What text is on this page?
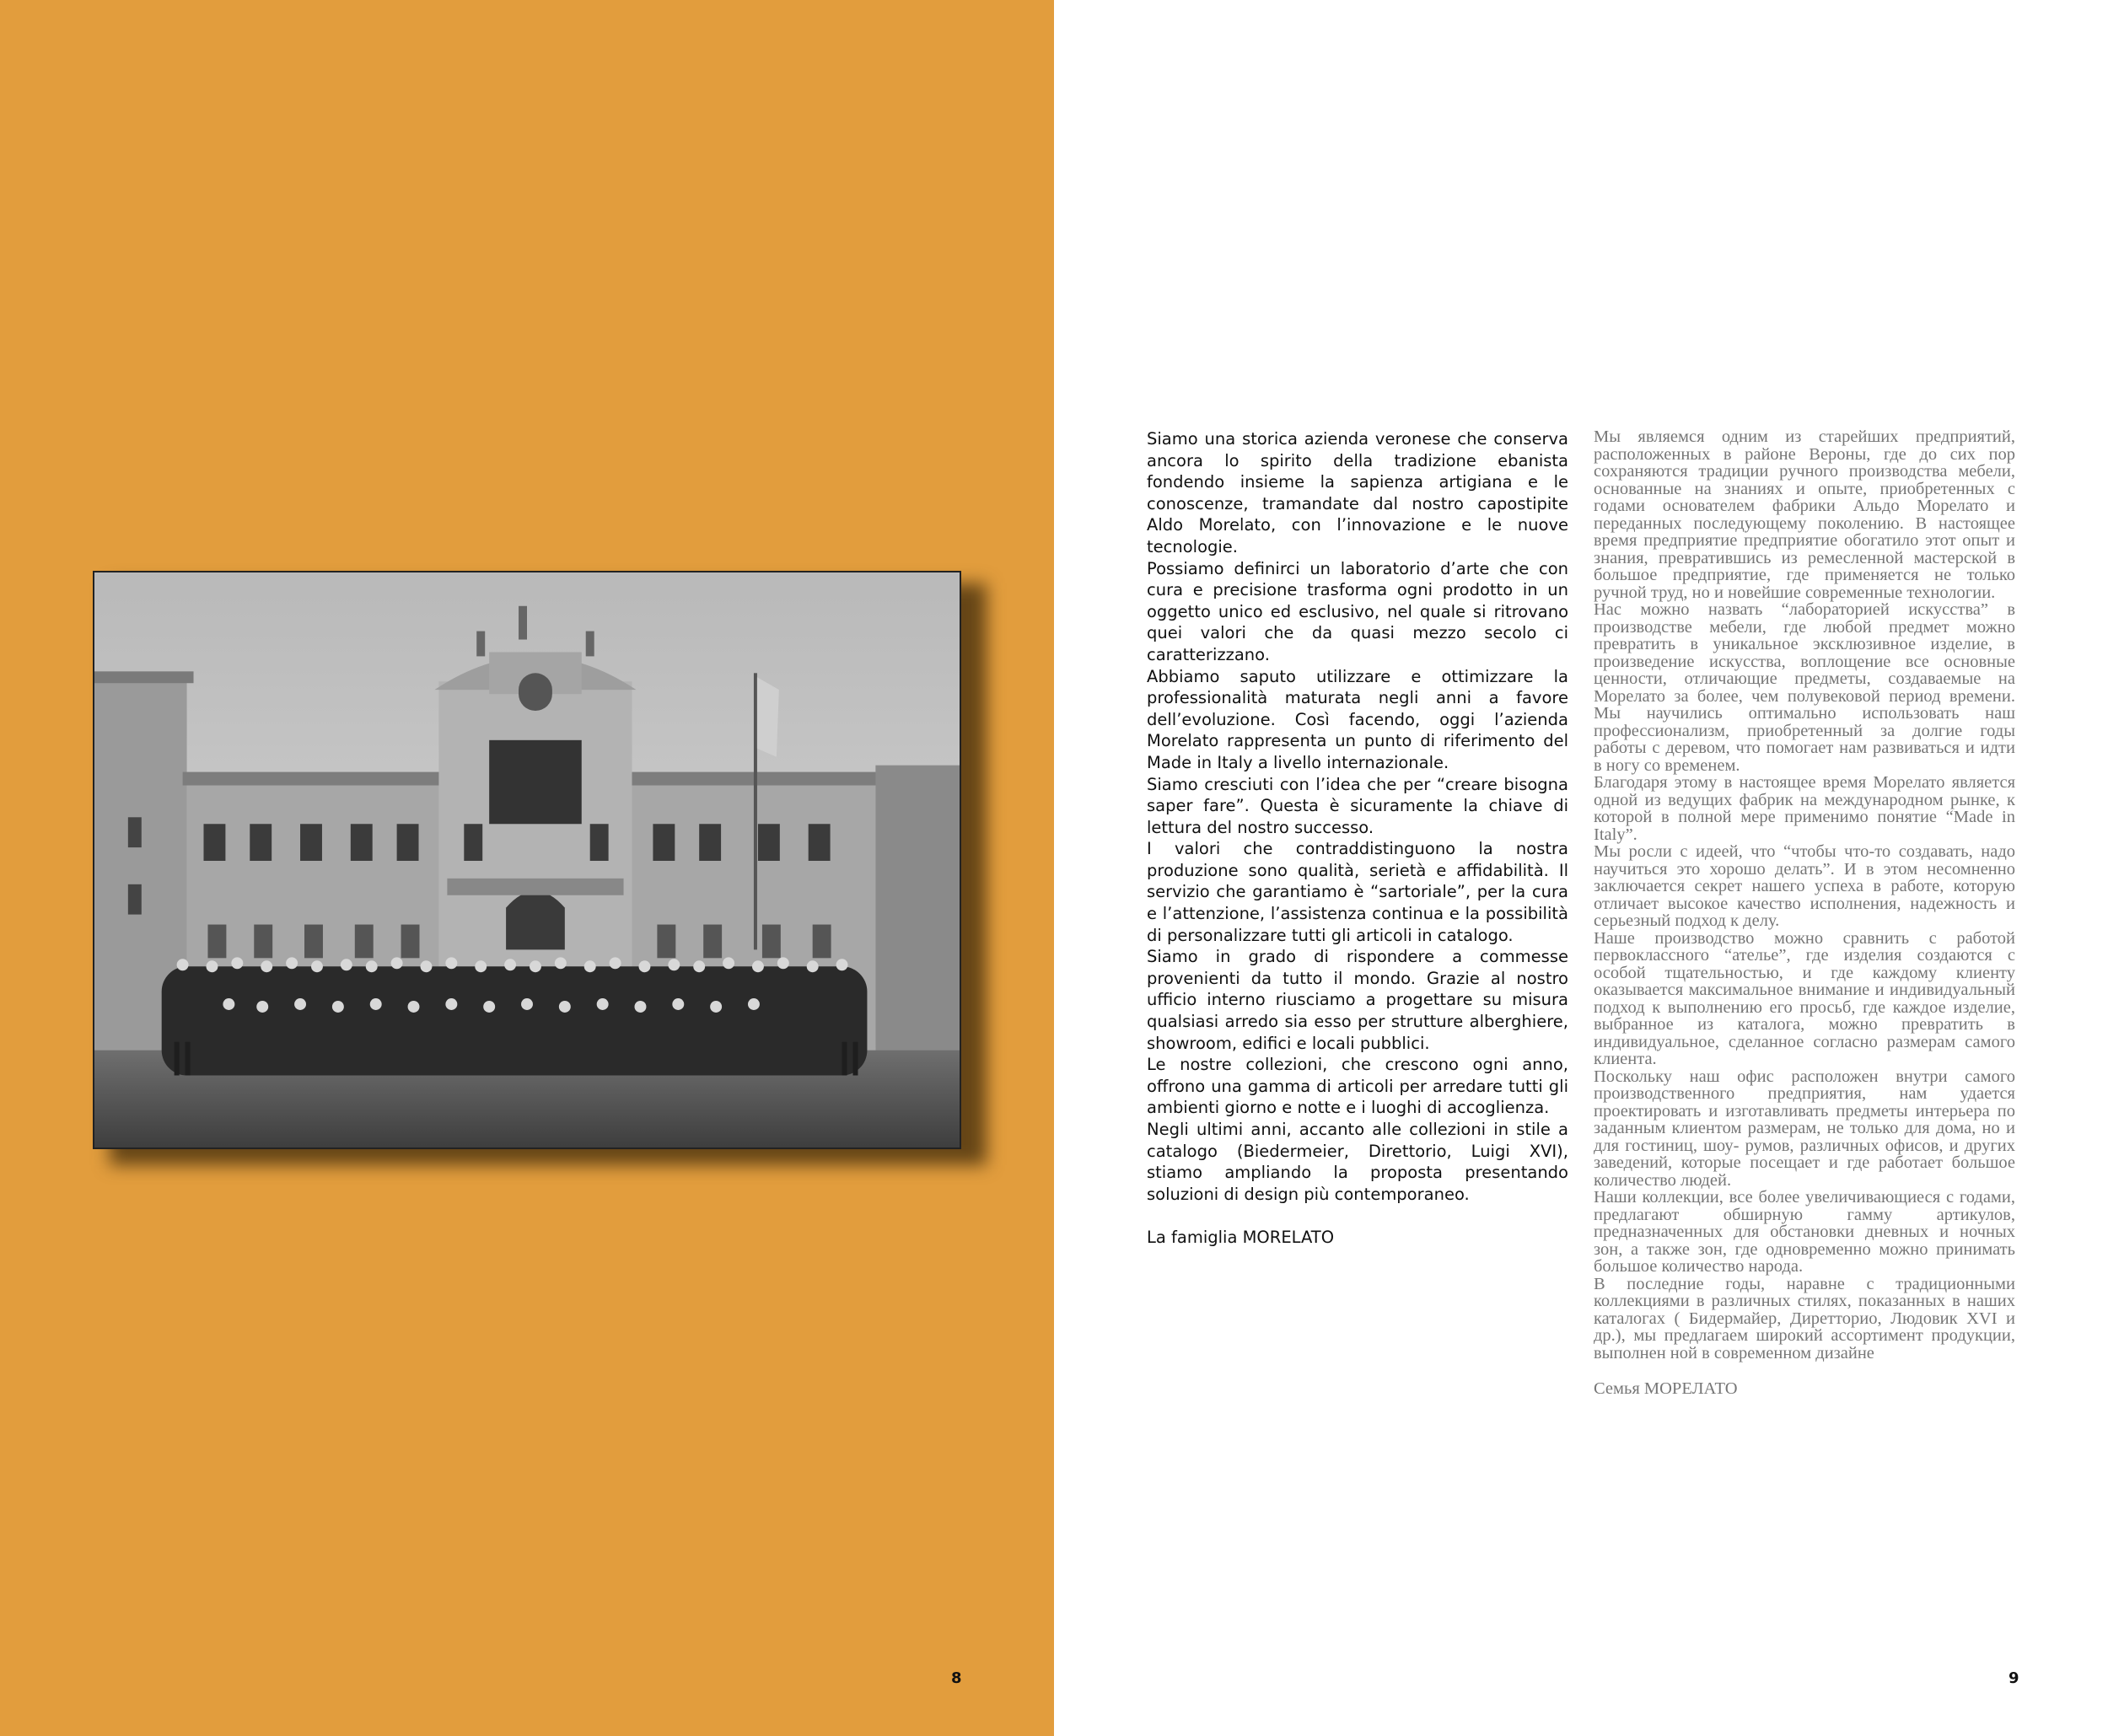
8	9

Siamo una storica azienda veronese che conserva ancora lo spirito della tradizione ebanista fondendo insieme la sapienza artigiana e le conoscenze, tramandate dal nostro capostipite Aldo Morelato, con l’innovazione e le nuove tecnologie.

Possiamo definirci un laboratorio d’arte che con cura e precisione trasforma ogni prodotto in un oggetto unico ed esclusivo, nel quale si ritrovano quei valori che da quasi mezzo secolo ci caratterizzano.

Abbiamo saputo utilizzare e ottimizzare la professionalità maturata negli anni a favore dell’evoluzione. Così facendo, oggi l’azienda Morelato rappresenta un punto di riferimento del Made in Italy a livello internazionale.

Siamo cresciuti con l’idea che per “creare bisogna saper fare”. Questa è sicuramente la chiave di lettura del nostro successo.

I valori che contraddistinguono la nostra produzione sono qualità, serietà e affidabilità. Il servizio che garantiamo è “sartoriale”, per la cura e l’attenzione, l’assistenza continua e la possibilità di personalizzare tutti gli articoli in catalogo.

Siamo in grado di rispondere a commesse provenienti da tutto il mondo. Grazie al nostro ufficio interno riusciamo a progettare su misura qualsiasi arredo sia esso per strutture alberghiere, showroom, edifici e locali pubblici.

Le nostre collezioni, che crescono ogni anno, offrono una gamma di articoli per arredare tutti gli ambienti giorno e notte e i luoghi di accoglienza.

Negli ultimi anni, accanto alle collezioni in stile a catalogo (Biedermeier, Direttorio, Luigi XVI), stiamo ampliando la proposta presentando soluzioni di design più contemporaneo.

La famiglia MORELATO

Мы являемся одним из старейших предприятий, расположенных в районе Вероны, где до сих пор сохраняются традиции ручного производства мебели, основанные на знаниях и опыте, приобретенных с годами основателем фабрики Альдо Морелато и переданных последующему поколению. В настоящее время предприятие предприятие обогатило этот опыт и знания, превратившись из ремесленной мастерской в большое предприятие, где применяется не только ручной труд, но и новейшие современные технологии.

Нас можно назвать “лабораторией искусства” в производстве мебели, где любой предмет можно превратить в уникальное эксклюзивное изделие, в произведение искусства, воплощение все основные ценности, отличающие предметы, создаваемые на Морелато за более, чем полувековой период времени. Мы научились оптимально использовать наш профессионализм, приобретенный за долгие годы работы с деревом, что помогает нам развиваться и идти в ногу со временем.

Благодаря этому в настоящее время Морелато является одной из ведущих фабрик на международном рынке, к которой в полной мере применимо понятие “Made in Italy”.

Мы росли с идеей, что “чтобы что-то создавать, надо научиться это хорошо делать”. И в этом несомненно заключается секрет нашего успеха в работе, которую отличает высокое качество исполнения, надежность и серьезный подход к делу.

Наше производство можно сравнить с работой первоклассного “ателье”, где изделия создаются с особой тщательностью, и где каждому клиенту оказывается максимальное внимание и индивидуальный подход к выполнению его просьб, где каждое изделие, выбранное из каталога, можно превратить в индивидуальное, сделанное согласно размерам самого клиента.

Поскольку наш офис расположен внутри самого производственного предприятия, нам удается проектировать и изготавливать предметы интерьера по заданным клиентом размерам, не только для дома, но и для гостиниц, шоу- румов, различных офисов, и других заведений, которые посещает и где работает большое количество людей.

Наши коллекции, все более увеличивающиеся с годами, предлагают обширную гамму артикулов, предназначенных для обстановки дневных и ночных зон, а также зон, где одновременно можно принимать большое количество народа.

В последние годы, наравне с традиционными коллекциями в различных стилях, показанных в наших каталогах ( Бидермайер, Диретторио, Людовик XVI и др.), мы предлагаем широкий ассортимент продукции, выполнен ной в современном дизайне

Семья МОРЕЛАТО
